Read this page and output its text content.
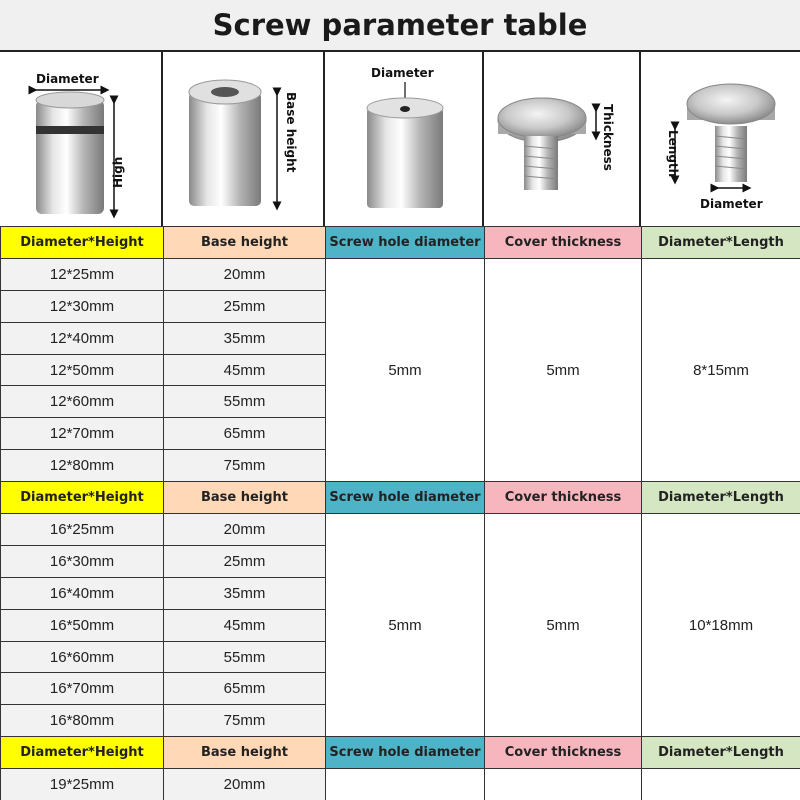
Screw parameter table
Diameter
High	Base height
Diameter
Thickness	Length
Diameter
Diameter*Height	Base height	Screw hole diameter	Cover thickness	Diameter*Length
12*25mm	20mm	5mm	5mm	8*15mm
12*30mm	25mm			
12*40mm	35mm			
12*50mm	45mm			
12*60mm	55mm			
12*70mm	65mm			
12*80mm	75mm			
Diameter*Height	Base height	Screw hole diameter	Cover thickness	Diameter*Length
16*25mm	20mm	5mm	5mm	10*18mm
16*30mm	25mm			
16*40mm	35mm			
16*50mm	45mm			
16*60mm	55mm			
16*70mm	65mm			
16*80mm	75mm			
Diameter*Height	Base height	Screw hole diameter	Cover thickness	Diameter*Length
19*25mm	20mm			
